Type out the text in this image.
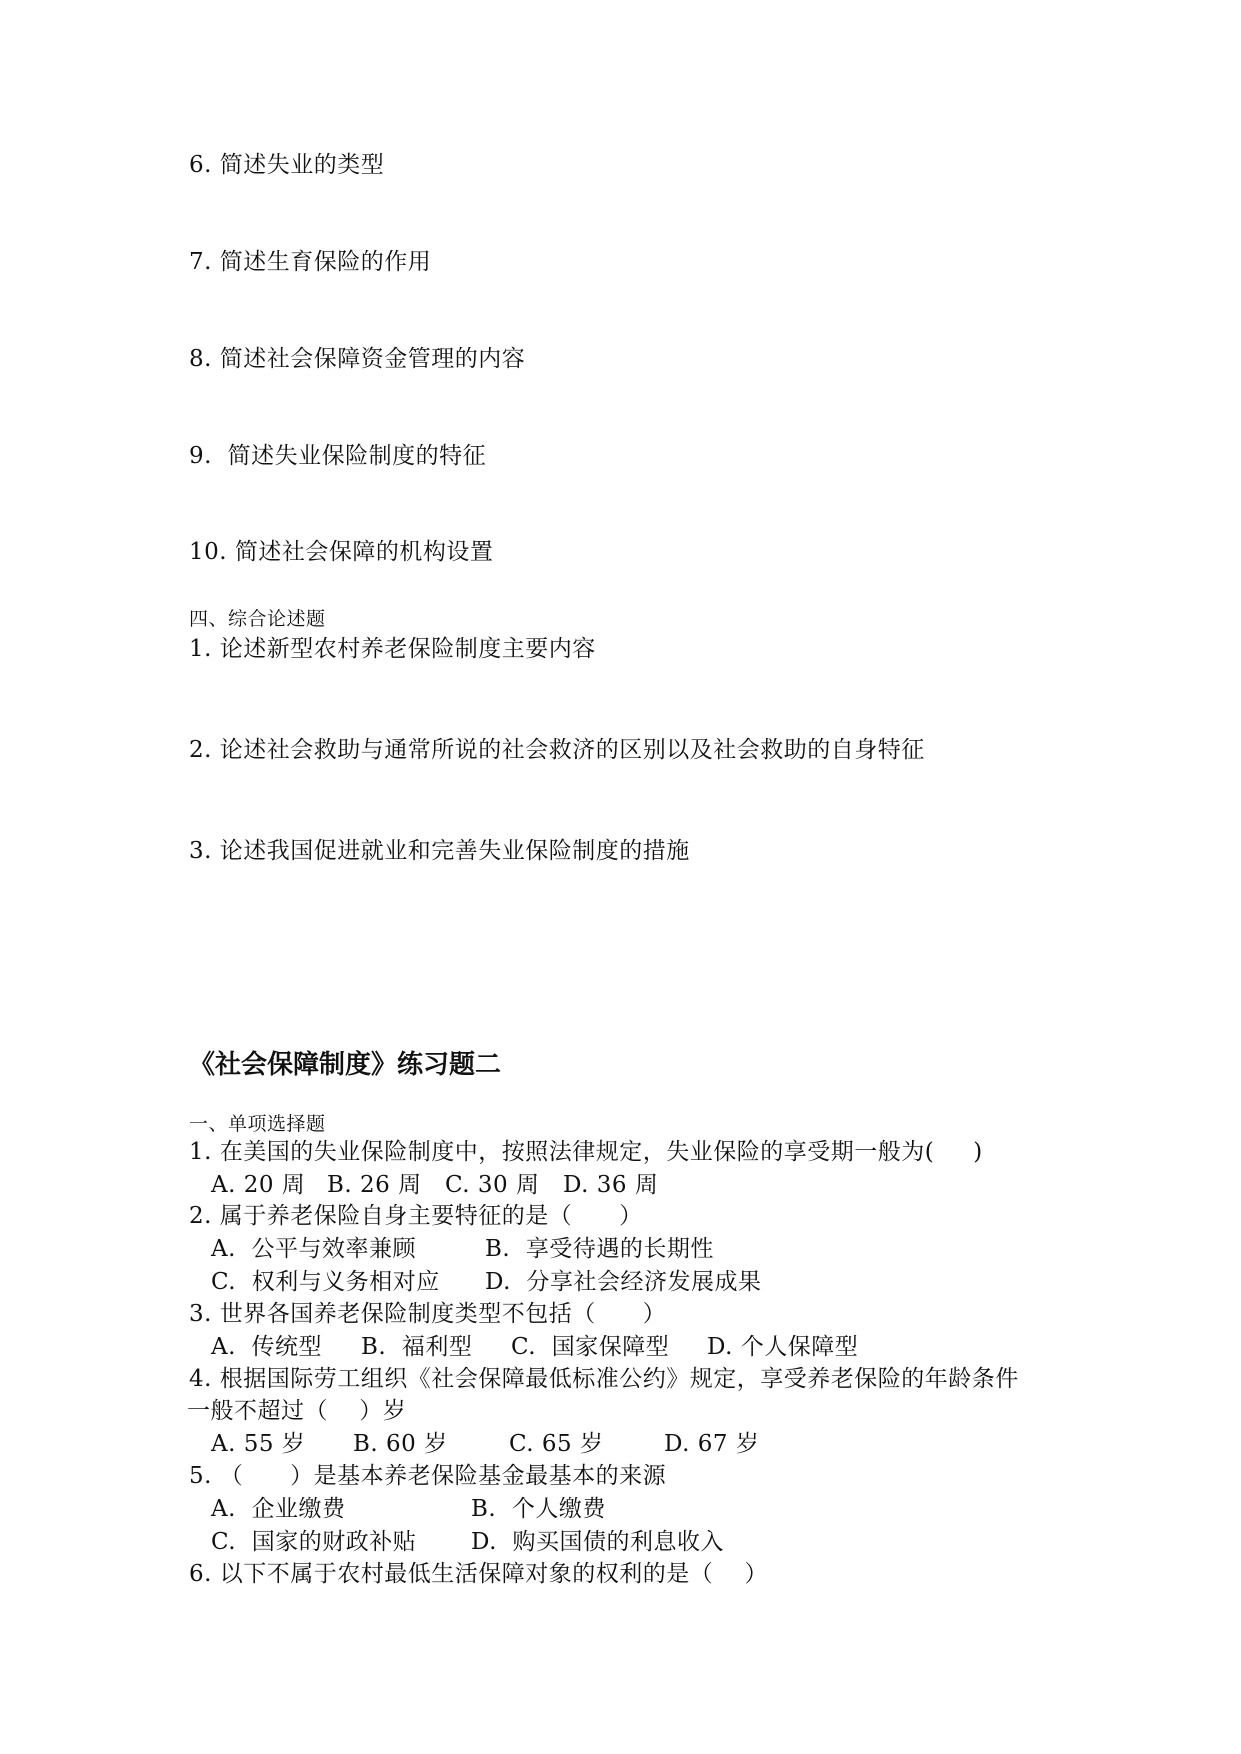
6. 简述失业的类型
7. 简述生育保险的作用
8. 简述社会保障资金管理的内容
9.  简述失业保险制度的特征
10. 简述社会保障的机构设置
四、综合论述题
1. 论述新型农村养老保险制度主要内容
2. 论述社会救助与通常所说的社会救济的区别以及社会救助的自身特征
3. 论述我国促进就业和完善失业保险制度的措施
《社会保障制度》练习题二
一、单项选择题
1. 在美国的失业保险制度中，按照法律规定，失业保险的享受期一般为(     )
A. 20 周 B. 26 周 C. 30 周 D. 36 周
2. 属于养老保险自身主要特征的是（      ）
A.  公平与效率兼顾	B.  享受待遇的长期性
C.  权利与义务相对应 D.  分享社会经济发展成果
3. 世界各国养老保险制度类型不包括（      ）
A.  传统型 B.  福利型 C.  国家保障型 D. 个人保障型
4. 根据国际劳工组织《社会保障最低标准公约》规定，享受养老保险的年龄条件
一般不超过（    ）岁
A. 55 岁 B. 60 岁	C. 65 岁	D. 67 岁
5. （      ）是基本养老保险基金最基本的来源
A.  企业缴费	B.  个人缴费
C.  国家的财政补贴 D.  购买国债的利息收入
6. 以下不属于农村最低生活保障对象的权利的是（    ）
